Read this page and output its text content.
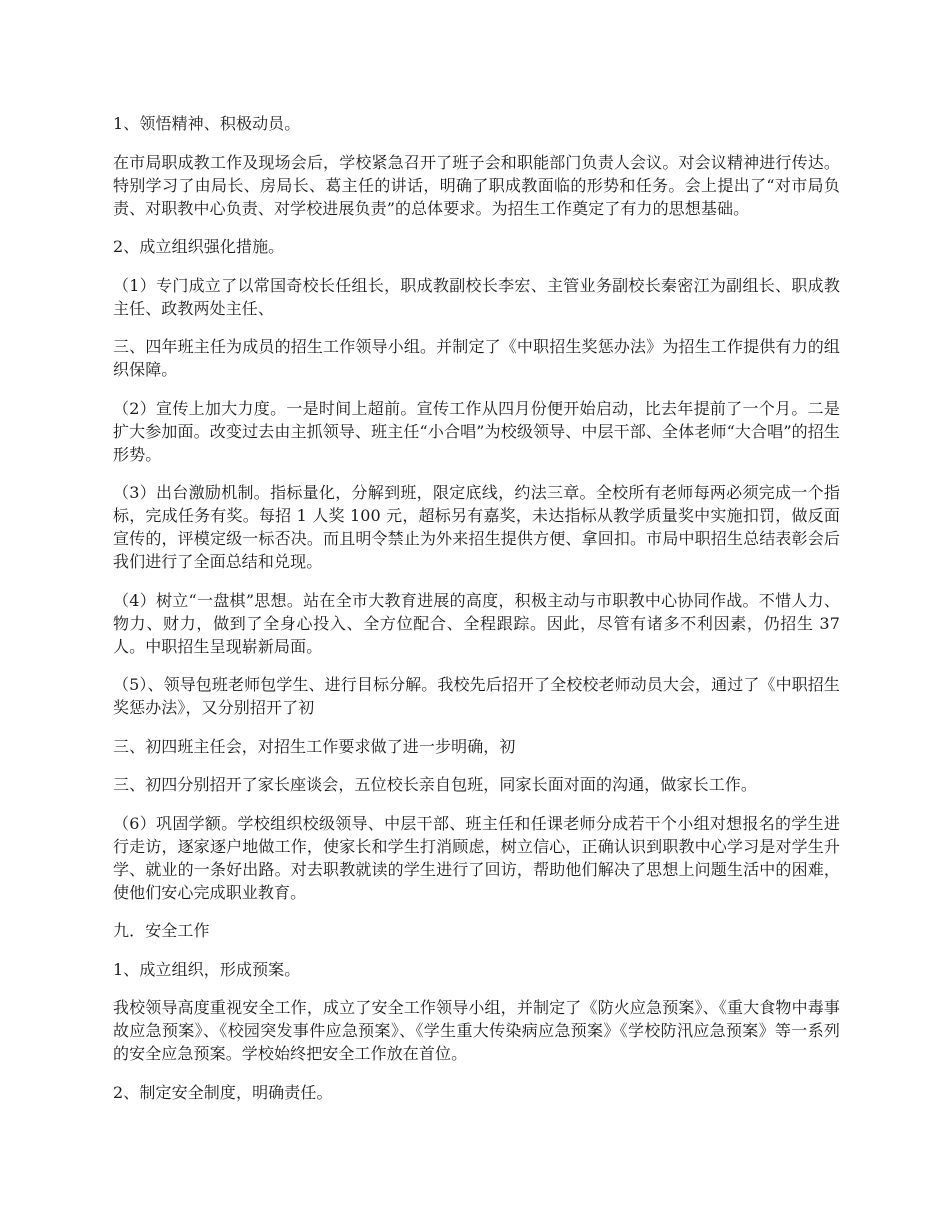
1、领悟精神、积极动员。

在市局职成教工作及现场会后，学校紧急召开了班子会和职能部门负责人会议。对会议精神进行传达。特别学习了由局长、房局长、葛主任的讲话，明确了职成教面临的形势和任务。会上提出了“对市局负责、对职教中心负责、对学校进展负责”的总体要求。为招生工作奠定了有力的思想基础。

2、成立组织强化措施。

（1）专门成立了以常国奇校长任组长，职成教副校长李宏、主管业务副校长秦密江为副组长、职成教主任、政教两处主任、

三、四年班主任为成员的招生工作领导小组。并制定了《中职招生奖惩办法》为招生工作提供有力的组织保障。

（2）宣传上加大力度。一是时间上超前。宣传工作从四月份便开始启动，比去年提前了一个月。二是扩大参加面。改变过去由主抓领导、班主任“小合唱”为校级领导、中层干部、全体老师“大合唱”的招生形势。

（3）出台激励机制。指标量化，分解到班，限定底线，约法三章。全校所有老师每两必须完成一个指标，完成任务有奖。每招 1 人奖 100 元，超标另有嘉奖，未达指标从教学质量奖中实施扣罚，做反面宣传的，评模定级一标否决。而且明令禁止为外来招生提供方便、拿回扣。市局中职招生总结表彰会后我们进行了全面总结和兑现。

（4）树立“一盘棋”思想。站在全市大教育进展的高度，积极主动与市职教中心协同作战。不惜人力、物力、财力，做到了全身心投入、全方位配合、全程跟踪。因此，尽管有诸多不利因素，仍招生 37 人。中职招生呈现崭新局面。

（5）、领导包班老师包学生、进行目标分解。我校先后招开了全校校老师动员大会，通过了《中职招生奖惩办法》，又分别招开了初

三、初四班主任会，对招生工作要求做了进一步明确，初

三、初四分别招开了家长座谈会，五位校长亲自包班，同家长面对面的沟通，做家长工作。

（6）巩固学额。学校组织校级领导、中层干部、班主任和任课老师分成若干个小组对想报名的学生进行走访，逐家逐户地做工作，使家长和学生打消顾虑，树立信心，正确认识到职教中心学习是对学生升学、就业的一条好出路。对去职教就读的学生进行了回访，帮助他们解决了思想上问题生活中的困难，使他们安心完成职业教育。

九．安全工作

1、成立组织，形成预案。

我校领导高度重视安全工作，成立了安全工作领导小组，并制定了《防火应急预案》、《重大食物中毒事故应急预案》、《校园突发事件应急预案》、《学生重大传染病应急预案》《学校防汛应急预案》等一系列的安全应急预案。学校始终把安全工作放在首位。

2、制定安全制度，明确责任。
